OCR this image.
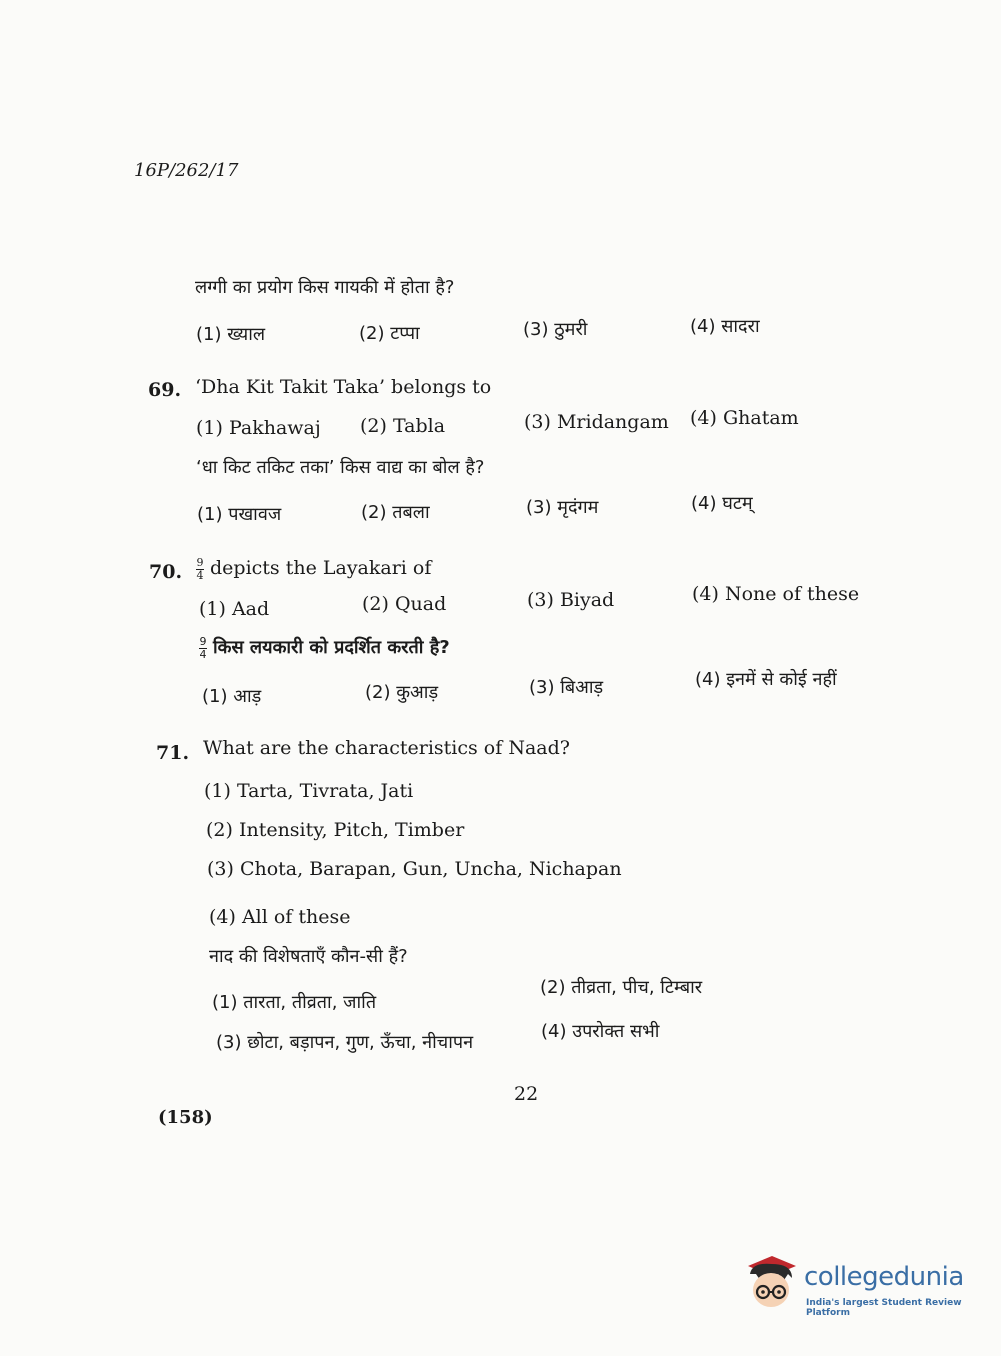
16P/262/17
लग्गी का प्रयोग किस गायकी में होता है?
(1) ख्याल	(2) टप्पा	(3) ठुमरी	(4) सादरा
69. ‘Dha Kit Takit Taka’ belongs to
(1) Pakhawaj (2) Tabla	(3) Mridangam (4) Ghatam
‘धा किट तकिट तका’ किस वाद्य का बोल है?
(1) पखावज	(2) तबला	(3) मृदंगम	(4) घटम्
70. $\frac{9}{4}$ depicts the Layakari of
(1) Aad	(2) Quad	(3) Biyad	(4) None of these
$\frac{9}{4}$ किस लयकारी को प्रदर्शित करती है?
(1) आड़	(2) कुआड़	(3) बिआड़	(4) इनमें से कोई नहीं
71. What are the characteristics of Naad?
(1) Tarta, Tivrata, Jati
(2) Intensity, Pitch, Timber
(3) Chota, Barapan, Gun, Uncha, Nichapan
(4) All of these
नाद की विशेषताएँ कौन-सी हैं?
(1) तारता, तीव्रता, जाति
(2) तीव्रता, पीच, टिम्बार
(3) छोटा, बड़ापन, गुण, ऊँचा, नीचापन
(4) उपरोक्त सभी
22
(158)
collegedunia
India's largest Student Review Platform
